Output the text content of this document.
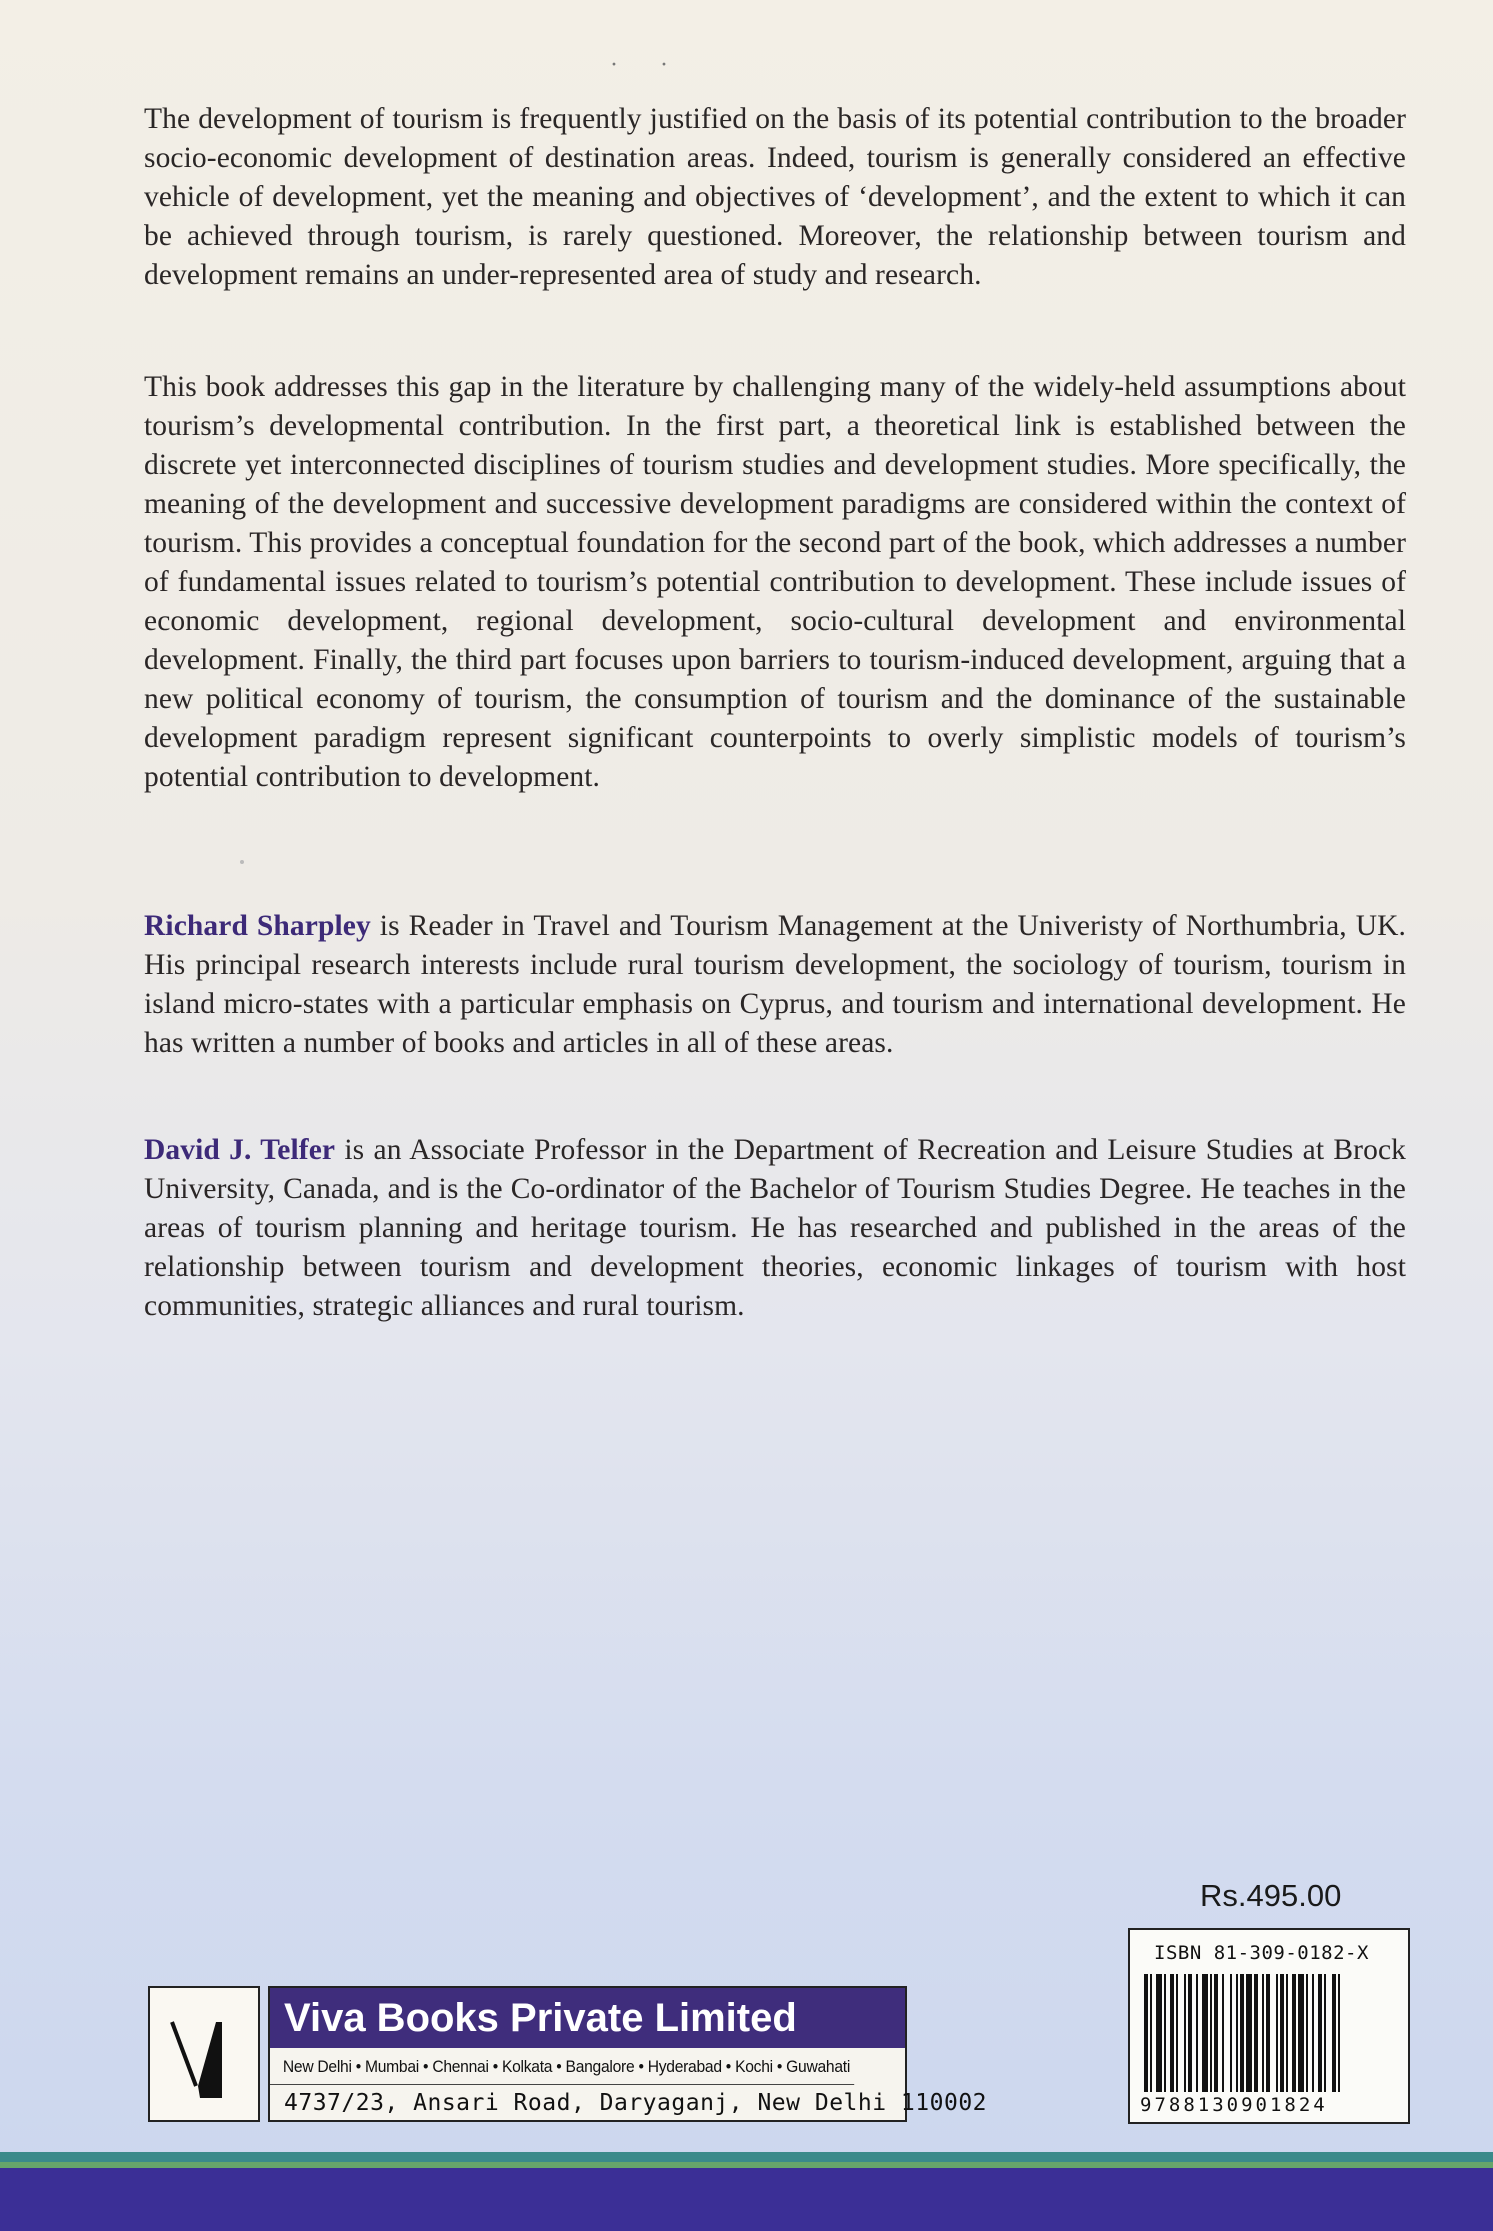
· ·

The development of tourism is frequently justified on the basis of its potential contribution to the broader socio-economic development of destination areas. Indeed, tourism is generally considered an effective vehicle of development, yet the meaning and objectives of ‘development’, and the extent to which it can be achieved through tourism, is rarely questioned. Moreover, the relationship between tourism and development remains an under-represented area of study and research.

This book addresses this gap in the literature by challenging many of the widely-held assumptions about tourism’s developmental contribution. In the first part, a theoretical link is established between the discrete yet interconnected disciplines of tourism studies and development studies. More specifically, the meaning of the development and successive development paradigms are considered within the context of tourism. This provides a conceptual foundation for the second part of the book, which addresses a number of fundamental issues related to tourism’s potential contribution to development. These include issues of economic development, regional development, socio-cultural development and environmental development. Finally, the third part focuses upon barriers to tourism-induced development, arguing that a new political economy of tourism, the consumption of tourism and the dominance of the sustainable development paradigm represent significant counterpoints to overly simplistic models of tourism’s potential contribution to development.

Richard Sharpley is Reader in Travel and Tourism Management at the Univeristy of Northumbria, UK. His principal research interests include rural tourism development, the sociology of tourism, tourism in island micro-states with a particular emphasis on Cyprus, and tourism and international development. He has written a number of books and articles in all of these areas.

David J. Telfer is an Associate Professor in the Department of Recreation and Leisure Studies at Brock University, Canada, and is the Co-ordinator of the Bachelor of Tourism Studies Degree. He teaches in the areas of tourism planning and heritage tourism. He has researched and published in the areas of the relationship between tourism and development theories, economic linkages of tourism with host communities, strategic alliances and rural tourism.

Rs.495.00
ISBN 81-309-0182-X
9788130901824
Viva Books Private Limited
New Delhi • Mumbai • Chennai • Kolkata • Bangalore • Hyderabad • Kochi • Guwahati
4737/23, Ansari Road, Daryaganj, New Delhi 110002
